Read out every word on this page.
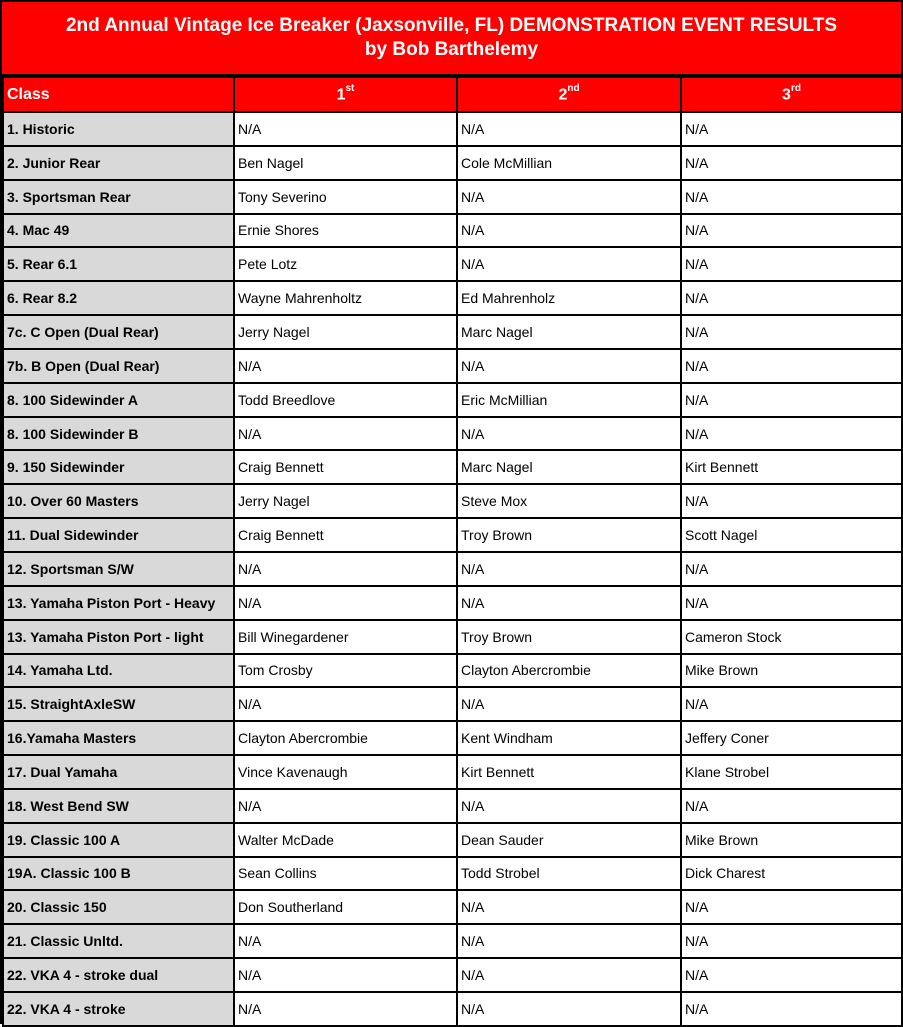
2nd Annual Vintage Ice Breaker (Jaxsonville, FL) DEMONSTRATION EVENT RESULTS
by Bob Barthelemy
Class	1st	2nd	3rd
1. Historic	N/A	N/A	N/A
2. Junior Rear	Ben Nagel	Cole McMillian	N/A
3. Sportsman Rear	Tony Severino	N/A	N/A
4. Mac 49	Ernie Shores	N/A	N/A
5. Rear 6.1	Pete Lotz	N/A	N/A
6. Rear 8.2	Wayne Mahrenholtz	Ed Mahrenholz	N/A
7c. C Open (Dual Rear)	Jerry Nagel	Marc Nagel	N/A
7b. B Open (Dual Rear)	N/A	N/A	N/A
8. 100 Sidewinder A	Todd Breedlove	Eric McMillian	N/A
8. 100 Sidewinder B	N/A	N/A	N/A
9. 150 Sidewinder	Craig Bennett	Marc Nagel	Kirt Bennett
10. Over 60 Masters	Jerry Nagel	Steve Mox	N/A
11. Dual Sidewinder	Craig Bennett	Troy Brown	Scott Nagel
12. Sportsman S/W	N/A	N/A	N/A
13. Yamaha Piston Port - Heavy	N/A	N/A	N/A
13. Yamaha Piston Port - light	Bill Winegardener	Troy Brown	Cameron Stock
14. Yamaha Ltd.	Tom Crosby	Clayton Abercrombie	Mike Brown
15. StraightAxleSW	N/A	N/A	N/A
16.Yamaha Masters	Clayton Abercrombie	Kent Windham	Jeffery Coner
17. Dual Yamaha	Vince Kavenaugh	Kirt Bennett	Klane Strobel
18. West Bend SW	N/A	N/A	N/A
19. Classic 100 A	Walter McDade	Dean Sauder	Mike Brown
19A. Classic 100 B	Sean Collins	Todd Strobel	Dick Charest
20. Classic 150	Don Southerland	N/A	N/A
21. Classic Unltd.	N/A	N/A	N/A
22. VKA 4 - stroke dual	N/A	N/A	N/A
22. VKA 4 - stroke	N/A	N/A	N/A
